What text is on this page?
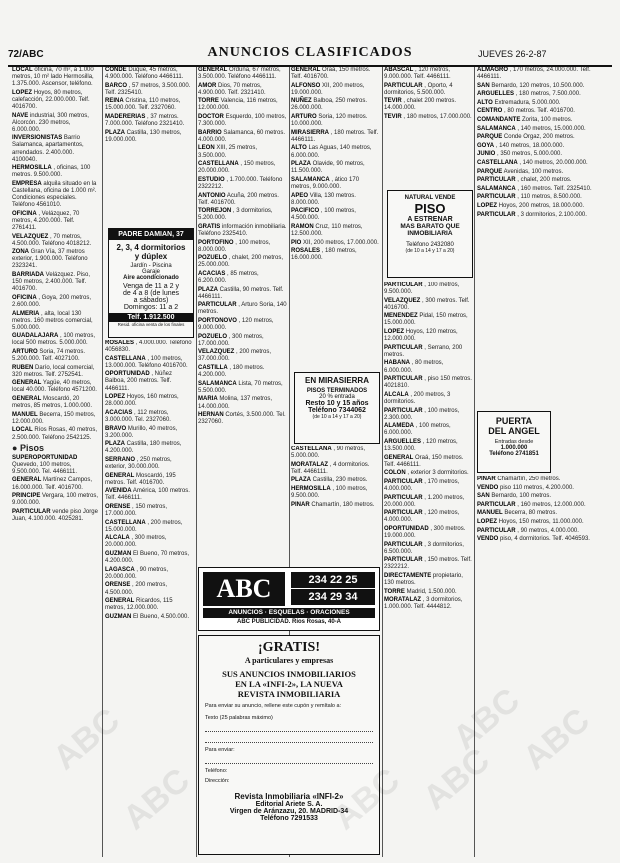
72/ABC	ANUNCIOS CLASIFICADOS	JUEVES 26-2-87

LOCAL oficina, 70 m², a 1.000 metros, 10 m² lado Hermosilla, 1.375.000. Ascensor, teléfono.

LOPEZ Hoyos, 80 metros, calefacción, 22.000.000. Telf. 4016700.

NAVE industrial, 300 metros, Alcorcón. 230 metros, 6.000.000.

INVERSIONISTAS Barrio Salamanca, apartamentos, arrendados. 2.400.000. 4100040.

HERMOSILLA , oficinas, 100 metros. 9.500.000.

EMPRESA alquila situado en la Castellana, oficina de 1.000 m². Condiciones especiales. Teléfono 4561010.

OFICINA , Velázquez, 70 metros, 4.200.000. Telf. 2761411.

VELAZQUEZ , 70 metros, 4.500.000. Teléfono 4018212.

ZONA Gran Vía, 37 metros exterior, 1.900.000. Teléfono 2323241.

BARRIADA Velázquez. Piso, 150 metros, 2.400.000. Telf. 4016700.

OFICINA , Goya, 200 metros, 2.600.000.

ALMERIA , alta, local 130 metros. 160 metros comercial, 5.000.000.

GUADALAJARA , 100 metros, local 500 metros. 5.000.000.

ARTURO Soria, 74 metros. 5.200.000. Telf. 4027100.

RUBEN Darío, local comercial, 320 metros. Telf. 2752541.

GENERAL Yagüe, 40 metros, local 40.000. Teléfono 4571200.

GENERAL Moscardó, 20 metros, 85 metros, 1.000.000.

MANUEL Becerra, 150 metros, 12.000.000.

LOCAL Ríos Rosas, 40 metros, 2.500.000. Teléfono 2542125.

● Pisos

SUPEROPORTUNIDAD Quevedo, 100 metros, 9.500.000. Tel. 4466111.

GENERAL Martínez Campos, 16.000.000. Telf. 4016700.

PRINCIPE Vergara, 100 metros, 9.000.000.

PARTICULAR vende piso Jorge Juan, 4.100.000. 4025281.

CONDE Duque, 45 metros, 4.900.000. Teléfono 4466111.

BARCO , 57 metros, 3.500.000. Telf. 2325410.

REINA Cristina, 110 metros, 15.000.000. Telf. 2327060.

MADERERIAS , 37 metros. 7.000.000. Teléfono 2321410.

PLAZA Castilla, 130 metros, 19.000.000.

PADRE DAMIAN, 37
2, 3, 4 dormitorios
y dúplex
Jardín - Piscina
Garaje
Aire acondicionado
Venga de 11 a 2 y
de 4 a 8 (de lunes
a sábados)
Domingos: 11 a 2
Telf. 1.912.500
Resid. oficina venta de los finales

ROSALES , 4.000.000. Teléfono 4056830.

CASTELLANA , 100 metros, 13.000.000. Teléfono 4016700.

OPORTUNIDAD , Núñez Balboa, 200 metros. Telf. 4466111.

LOPEZ Hoyos, 160 metros, 28.000.000.

ACACIAS , 112 metros, 3.000.000. Tel. 2327060.

BRAVO Murillo, 40 metros, 3.200.000.

PLAZA Castilla, 180 metros, 4.200.000.

SERRANO , 250 metros, exterior, 30.000.000.

GENERAL Moscardó, 195 metros. Telf. 4016700.

AVENIDA América, 100 metros. Telf. 4466111.

ORENSE , 150 metros, 17.000.000.

CASTELLANA , 200 metros, 15.000.000.

ALCALA , 300 metros, 20.000.000.

GUZMAN El Bueno, 70 metros, 4.200.000.

LAGASCA , 90 metros, 20.000.000.

ORENSE , 200 metros, 4.500.000.

GENERAL Ricardos, 115 metros, 12.000.000.

GUZMAN El Bueno, 4.500.000.

GENERAL Orduña, 67 metros, 3.500.000. Teléfono 4466111.

AMOR Dios, 70 metros, 4.900.000. Telf. 2321410.

TORRE Valencia, 116 metros, 12.000.000.

DOCTOR Esquerdo, 100 metros, 7.300.000.

BARRIO Salamanca, 60 metros. 4.000.000.

LEON XIII, 25 metros, 3.500.000.

CASTELLANA , 150 metros, 20.000.000.

ESTUDIO , 1.700.000. Teléfono 2322212.

ANTONIO Acuña, 200 metros. Telf. 4016700.

TORREJON , 3 dormitorios, 5.200.000.

GRATIS información inmobiliaria. Teléfono 2325410.

PORTOFINO , 100 metros, 8.000.000.

POZUELO , chalet, 200 metros, 25.000.000.

ACACIAS , 85 metros, 6.200.000.

PLAZA Castilla, 90 metros. Telf. 4466111.

PARTICULAR , Arturo Soria, 140 metros.

PORTONOVO , 120 metros, 9.000.000.

POZUELO , 300 metros, 17.000.000.

VELAZQUEZ , 200 metros, 37.000.000.

CASTILLA , 180 metros. 4.200.000.

SALAMANCA Lista, 70 metros, 5.500.000.

MARIA Molina, 137 metros, 14.000.000.

HERNAN Cortés, 3.500.000. Tel. 2327060.

GENERAL Oraá, 150 metros. Telf. 4016700.

ALFONSO XII, 200 metros, 19.000.000.

NUÑEZ Balboa, 250 metros. 26.000.000.

ARTURO Soria, 120 metros. 10.000.000.

MIRASIERRA , 180 metros. Telf. 4466111.

ALTO Las Aguas, 140 metros, 6.000.000.

PLAZA Olavide, 90 metros, 11.500.000.

SALAMANCA , ático 170 metros, 9.000.000.

APEO Villa, 130 metros. 8.000.000.

PACIFICO , 100 metros, 4.500.000.

RAMON Cruz, 110 metros, 12.500.000.

PIO XII, 200 metros, 17.000.000.

ROSALES , 180 metros, 16.000.000.

EN MIRASIERRA
PISOS TERMINADOS
20 % entrada
Resto 10 y 15 años
Teléfono 7344062
(de 10 a 14 y 17 a 20)

CASTELLANA , 90 metros, 5.000.000.

MORATALAZ , 4 dormitorios. Telf. 4466111.

PLAZA Castilla, 230 metros.

HERMOSILLA , 100 metros, 9.500.000.

PINAR Chamartín, 180 metros.

ABC	234 22 25
234 29 34
ANUNCIOS · ESQUELAS · ORACIONES
ABC PUBLICIDAD. Ríos Rosas, 40-A
¡GRATIS!
A particulares y empresas
SUS ANUNCIOS INMOBILIARIOS
EN LA «INFI-2», LA NUEVA
REVISTA INMOBILIARIA
Para enviar su anuncio, rellene este cupón y remítalo a:
Texto (25 palabras máximo)
Para enviar:
Teléfono:
Dirección:
Revista Inmobiliaria «INFI-2»
Editorial Ariete S. A.
Virgen de Aránzazu, 20. MADRID-34
Teléfono 7291533

ABASCAL , 120 metros, 9.000.000. Telf. 4466111.

PARTICULAR , Oporto, 4 dormitorios, 5.500.000.

TEVIR , chalet 200 metros. 14.000.000.

TEVIR , 180 metros, 17.000.000.

NATURAL VENDE
PISO
A ESTRENAR
MAS BARATO QUE
INMOBILIARIA
Teléfono 2432080
(de 10 a 14 y 17 a 20)

PARTICULAR , 100 metros, 9.500.000.

VELAZQUEZ , 300 metros. Telf. 4016700.

MENENDEZ Pidal, 150 metros, 15.000.000.

LOPEZ Hoyos, 120 metros, 12.000.000.

PARTICULAR , Serrano, 200 metros.

HABANA , 80 metros, 6.000.000.

PARTICULAR , piso 150 metros. 4021810.

ALCALA , 200 metros, 3 dormitorios.

PARTICULAR , 100 metros, 2.300.000.

ALAMEDA , 100 metros, 6.000.000.

ARGUELLES , 120 metros, 13.500.000.

GENERAL Oraá, 150 metros. Telf. 4466111.

COLON , exterior 3 dormitorios.

PARTICULAR , 170 metros, 4.000.000.

PARTICULAR , 1.200 metros, 20.000.000.

PARTICULAR , 120 metros, 4.000.000.

OPORTUNIDAD , 300 metros. 19.000.000.

PARTICULAR , 3 dormitorios, 6.500.000.

PARTICULAR , 150 metros. Telf. 2322212.

DIRECTAMENTE propietario, 130 metros.

TORRE Madrid, 1.500.000.

MORATALAZ , 3 dormitorios, 1.000.000. Telf. 4444812.

ALMAGRO , 170 metros, 24.000.000. Telf. 4466111.

SAN Bernardo, 120 metros, 10.500.000.

ARGUELLES , 180 metros, 7.500.000.

ALTO Extremadura, 5.000.000.

CENTRO , 80 metros. Telf. 4016700.

COMANDANTE Zorita, 100 metros.

SALAMANCA , 140 metros, 15.000.000.

PARQUE Conde Orgaz, 200 metros.

GOYA , 140 metros, 18.000.000.

JUNIO , 350 metros, 5.000.000.

CASTELLANA , 140 metros, 20.000.000.

PARQUE Avenidas, 100 metros.

PARTICULAR , chalet, 200 metros.

SALAMANCA , 160 metros. Telf. 2325410.

PARTICULAR , 110 metros, 8.500.000.

LOPEZ Hoyos, 200 metros, 18.000.000.

PARTICULAR , 3 dormitorios, 2.100.000.

PUERTA
DEL ANGEL
Entradas desde
1.000.000
Teléfono 2741851

PINAR Chamartín, 250 metros.

VENDO piso 110 metros, 4.200.000.

SAN Bernardo, 100 metros.

PARTICULAR , 160 metros, 12.000.000.

MANUEL Becerra, 80 metros.

LOPEZ Hoyos, 150 metros, 11.000.000.

PARTICULAR , 90 metros, 4.000.000.

VENDO piso, 4 dormitorios. Telf. 4046593.

ABC
ABC	ABC
ABC
ABC
